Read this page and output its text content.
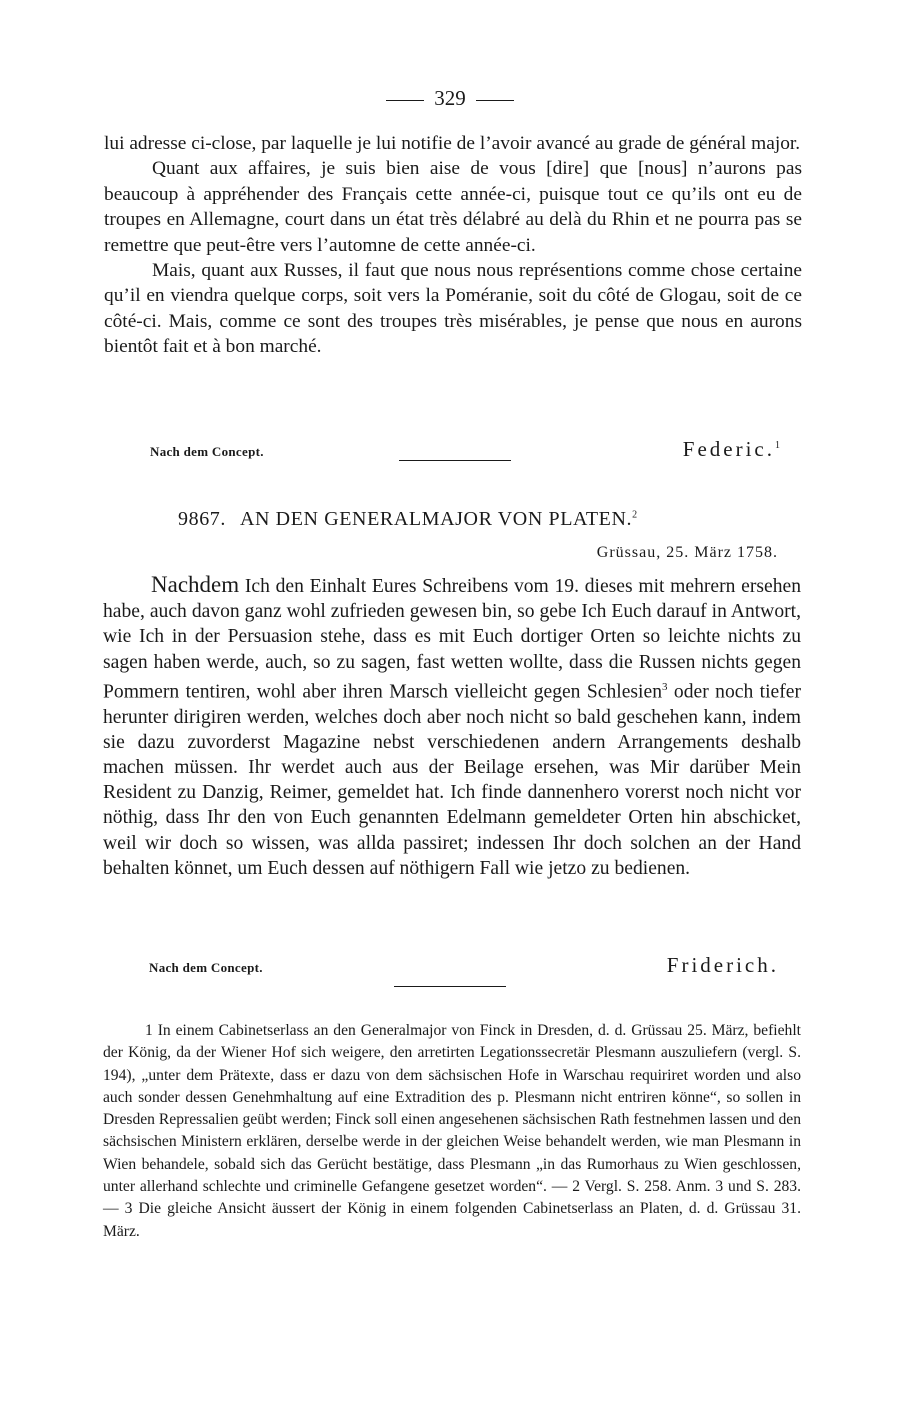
329

lui adresse ci-close, par laquelle je lui notifie de l’avoir avancé au grade de général major.

Quant aux affaires, je suis bien aise de vous [dire] que [nous] n’aurons pas beaucoup à appréhender des Français cette année-ci, puisque tout ce qu’ils ont eu de troupes en Allemagne, court dans un état très délabré au delà du Rhin et ne pourra pas se remettre que peut-être vers l’automne de cette année-ci.

Mais, quant aux Russes, il faut que nous nous représentions comme chose certaine qu’il en viendra quelque corps, soit vers la Poméranie, soit du côté de Glogau, soit de ce côté-ci. Mais, comme ce sont des troupes très misérables, je pense que nous en aurons bientôt fait et à bon marché.

Nach dem Concept.	Federic.$^1$
9867. AN DEN GENERALMAJOR VON PLATEN.$^2$
Grüssau, 25. März 1758.

Nachdem Ich den Einhalt Eures Schreibens vom 19. dieses mit mehrern ersehen habe, auch davon ganz wohl zufrieden gewesen bin, so gebe Ich Euch darauf in Antwort, wie Ich in der Persuasion stehe, dass es mit Euch dortiger Orten so leichte nichts zu sagen haben werde, auch, so zu sagen, fast wetten wollte, dass die Russen nichts gegen Pommern tentiren, wohl aber ihren Marsch vielleicht gegen Schlesien$^3$ oder noch tiefer herunter dirigiren werden, welches doch aber noch nicht so bald geschehen kann, indem sie dazu zuvorderst Magazine nebst verschiedenen andern Arrangements deshalb machen müssen. Ihr werdet auch aus der Beilage ersehen, was Mir darüber Mein Resident zu Danzig, Reimer, gemeldet hat. Ich finde dannenhero vorerst noch nicht vor nöthig, dass Ihr den von Euch genannten Edelmann gemeldeter Orten hin abschicket, weil wir doch so wissen, was allda passiret; indessen Ihr doch solchen an der Hand behalten könnet, um Euch dessen auf nöthigern Fall wie jetzo zu bedienen.

Nach dem Concept.	Friderich.

1 In einem Cabinetserlass an den Generalmajor von Finck in Dresden, d. d. Grüssau 25. März, befiehlt der König, da der Wiener Hof sich weigere, den arretirten Legationssecretär Plesmann auszuliefern (vergl. S. 194), „unter dem Prätexte, dass er dazu von dem sächsischen Hofe in Warschau requiriret worden und also auch sonder dessen Genehmhaltung auf eine Extradition des p. Plesmann nicht entriren könne“, so sollen in Dresden Repressalien geübt werden; Finck soll einen angesehenen sächsischen Rath festnehmen lassen und den sächsischen Ministern erklären, derselbe werde in der gleichen Weise behandelt werden, wie man Plesmann in Wien behandele, sobald sich das Gerücht bestätige, dass Plesmann „in das Rumorhaus zu Wien geschlossen, unter allerhand schlechte und criminelle Gefangene gesetzet worden“. — 2 Vergl. S. 258. Anm. 3 und S. 283. — 3 Die gleiche Ansicht äussert der König in einem folgenden Cabinetserlass an Platen, d. d. Grüssau 31. März.
